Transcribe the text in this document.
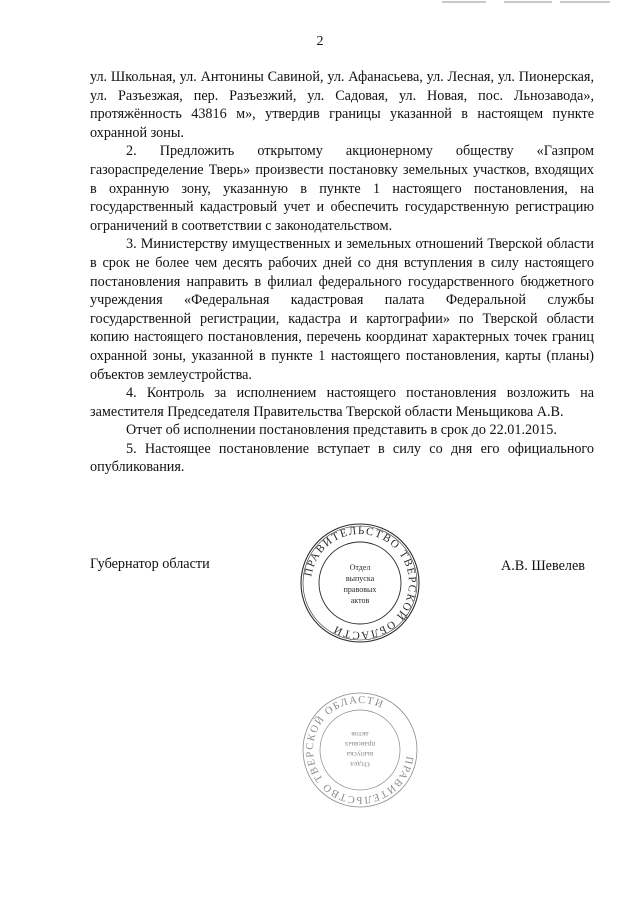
2

ул. Школьная, ул. Антонины Савиной, ул. Афанасьева, ул. Лесная, ул. Пионерская, ул. Разъезжая, пер. Разъезжий, ул. Садовая, ул. Новая, пос. Льнозавода», протяжённость 43816 м», утвердив границы указанной в настоящем пункте охранной зоны.

2. Предложить открытому акционерному обществу «Газпром газораспределение Тверь» произвести постановку земельных участков, входящих в охранную зону, указанную в пункте 1 настоящего постановления, на государственный кадастровый учет и обеспечить государственную регистрацию ограничений в соответствии с законодательством.

3. Министерству имущественных и земельных отношений Тверской области в срок не более чем десять рабочих дней со дня вступления в силу настоящего постановления направить в филиал федерального государственного бюджетного учреждения «Федеральная кадастровая палата Федеральной службы государственной регистрации, кадастра и картографии» по Тверской области копию настоящего постановления, перечень координат характерных точек границ охранной зоны, указанной в пункте 1 настоящего постановления, карты (планы) объектов землеустройства.

4. Контроль за исполнением настоящего постановления возложить на заместителя Председателя Правительства Тверской области Меньщикова А.В.

Отчет об исполнении постановления представить в срок до 22.01.2015.

5. Настоящее постановление вступает в силу со дня его официального опубликования.

Губернатор области	А.В. Шевелев
ПРАВИТЕЛЬСТВО ТВЕРСКОЙ ОБЛАСТИ
Отдел
выпуска
правовых
актов
ПРАВИТЕЛЬСТВО ТВЕРСКОЙ ОБЛАСТИ
Отдел
выпуска
правовых
актов
